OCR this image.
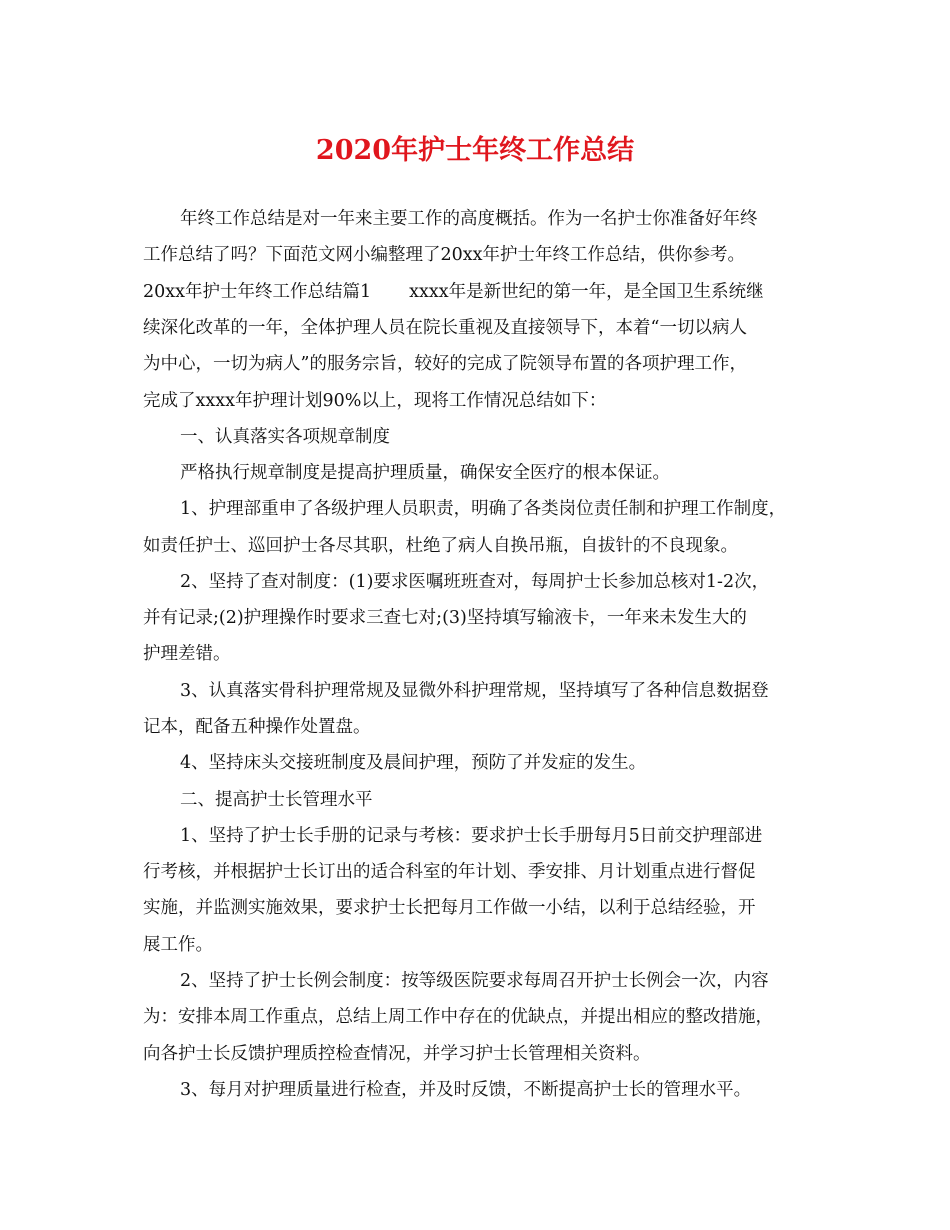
2020年护士年终工作总结
年终工作总结是对一年来主要工作的高度概括。作为一名护士你准备好年终
工作总结了吗？下面范文网小编整理了20xx年护士年终工作总结，供你参考。
20xx年护士年终工作总结篇1 xxxx年是新世纪的第一年，是全国卫生系统继
续深化改革的一年，全体护理人员在院长重视及直接领导下，本着“一切以病人
为中心，一切为病人”的服务宗旨，较好的完成了院领导布置的各项护理工作，
完成了xxxx年护理计划90%以上，现将工作情况总结如下：
一、认真落实各项规章制度
严格执行规章制度是提高护理质量，确保安全医疗的根本保证。
1、护理部重申了各级护理人员职责，明确了各类岗位责任制和护理工作制度，
如责任护士、巡回护士各尽其职，杜绝了病人自换吊瓶，自拔针的不良现象。
2、坚持了查对制度：(1)要求医嘱班班查对，每周护士长参加总核对1-2次，
并有记录;(2)护理操作时要求三查七对;(3)坚持填写输液卡，一年来未发生大的
护理差错。
3、认真落实骨科护理常规及显微外科护理常规，坚持填写了各种信息数据登
记本，配备五种操作处置盘。
4、坚持床头交接班制度及晨间护理，预防了并发症的发生。
二、提高护士长管理水平
1、坚持了护士长手册的记录与考核：要求护士长手册每月5日前交护理部进
行考核，并根据护士长订出的适合科室的年计划、季安排、月计划重点进行督促
实施，并监测实施效果，要求护士长把每月工作做一小结，以利于总结经验，开
展工作。
2、坚持了护士长例会制度：按等级医院要求每周召开护士长例会一次，内容
为：安排本周工作重点，总结上周工作中存在的优缺点，并提出相应的整改措施，
向各护士长反馈护理质控检查情况，并学习护士长管理相关资料。
3、每月对护理质量进行检查，并及时反馈，不断提高护士长的管理水平。
